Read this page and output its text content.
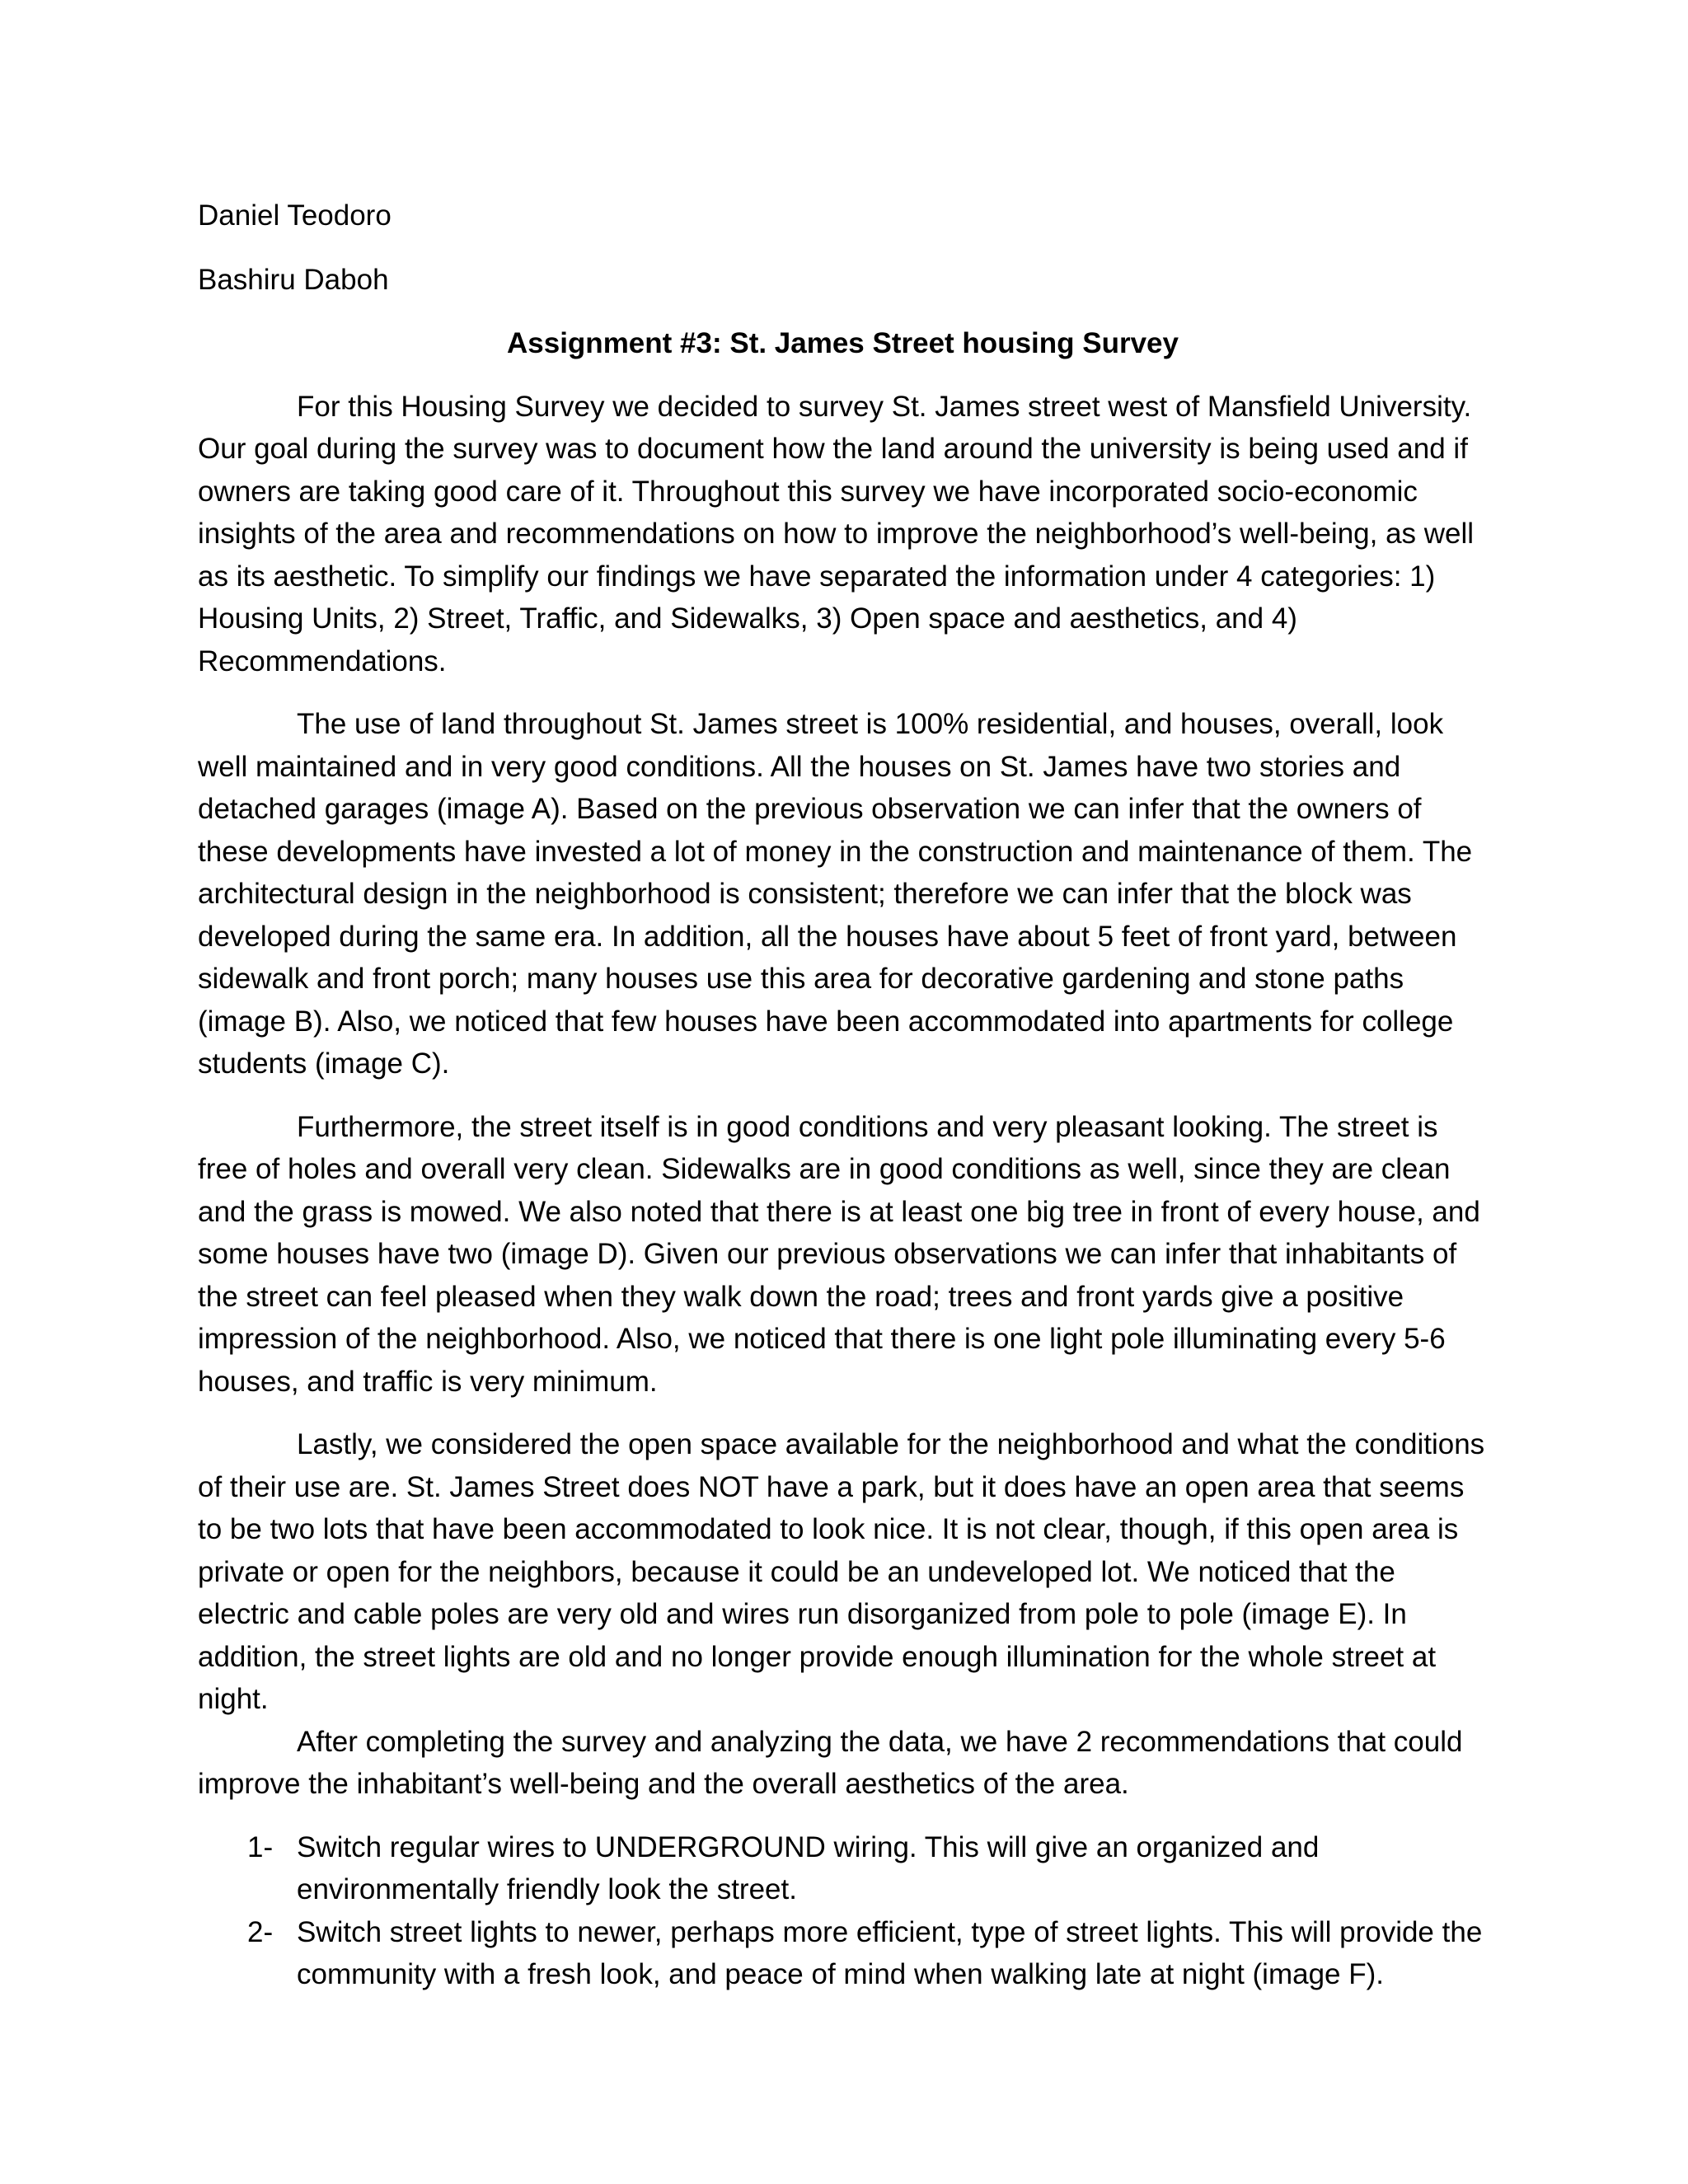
Daniel Teodoro
Bashiru Daboh
Assignment #3: St. James Street housing Survey

For this Housing Survey we decided to survey St. James street west of Mansfield University. Our goal during the survey was to document how the land around the university is being used and if owners are taking good care of it. Throughout this survey we have incorporated socio-economic insights of the area and recommendations on how to improve the neighborhood’s well-being, as well as its aesthetic. To simplify our findings we have separated the information under 4 categories: 1) Housing Units, 2) Street, Traffic, and Sidewalks, 3) Open space and aesthetics, and 4) Recommendations.

The use of land throughout St. James street is 100% residential, and houses, overall, look well maintained and in very good conditions. All the houses on St. James have two stories and detached garages (image A). Based on the previous observation we can infer that the owners of these developments have invested a lot of money in the construction and maintenance of them. The architectural design in the neighborhood is consistent; therefore we can infer that the block was developed during the same era. In addition, all the houses have about 5 feet of front yard, between sidewalk and front porch; many houses use this area for decorative gardening and stone paths (image B). Also, we noticed that few houses have been accommodated into apartments for college students (image C).

Furthermore, the street itself is in good conditions and very pleasant looking. The street is free of holes and overall very clean. Sidewalks are in good conditions as well, since they are clean and the grass is mowed. We also noted that there is at least one big tree in front of every house, and some houses have two (image D). Given our previous observations we can infer that inhabitants of the street can feel pleased when they walk down the road; trees and front yards give a positive impression of the neighborhood. Also, we noticed that there is one light pole illuminating every 5-6 houses, and traffic is very minimum.

Lastly, we considered the open space available for the neighborhood and what the conditions of their use are. St. James Street does NOT have a park, but it does have an open area that seems to be two lots that have been accommodated to look nice. It is not clear, though, if this open area is private or open for the neighbors, because it could be an undeveloped lot. We noticed that the electric and cable poles are very old and wires run disorganized from pole to pole (image E). In addition, the street lights are old and no longer provide enough illumination for the whole street at night.

After completing the survey and analyzing the data, we have 2 recommendations that could improve the inhabitant’s well-being and the overall aesthetics of the area.

1- Switch regular wires to UNDERGROUND wiring. This will give an organized and environmentally friendly look the street.
2- Switch street lights to newer, perhaps more efficient, type of street lights. This will provide the community with a fresh look, and peace of mind when walking late at night (image F).
